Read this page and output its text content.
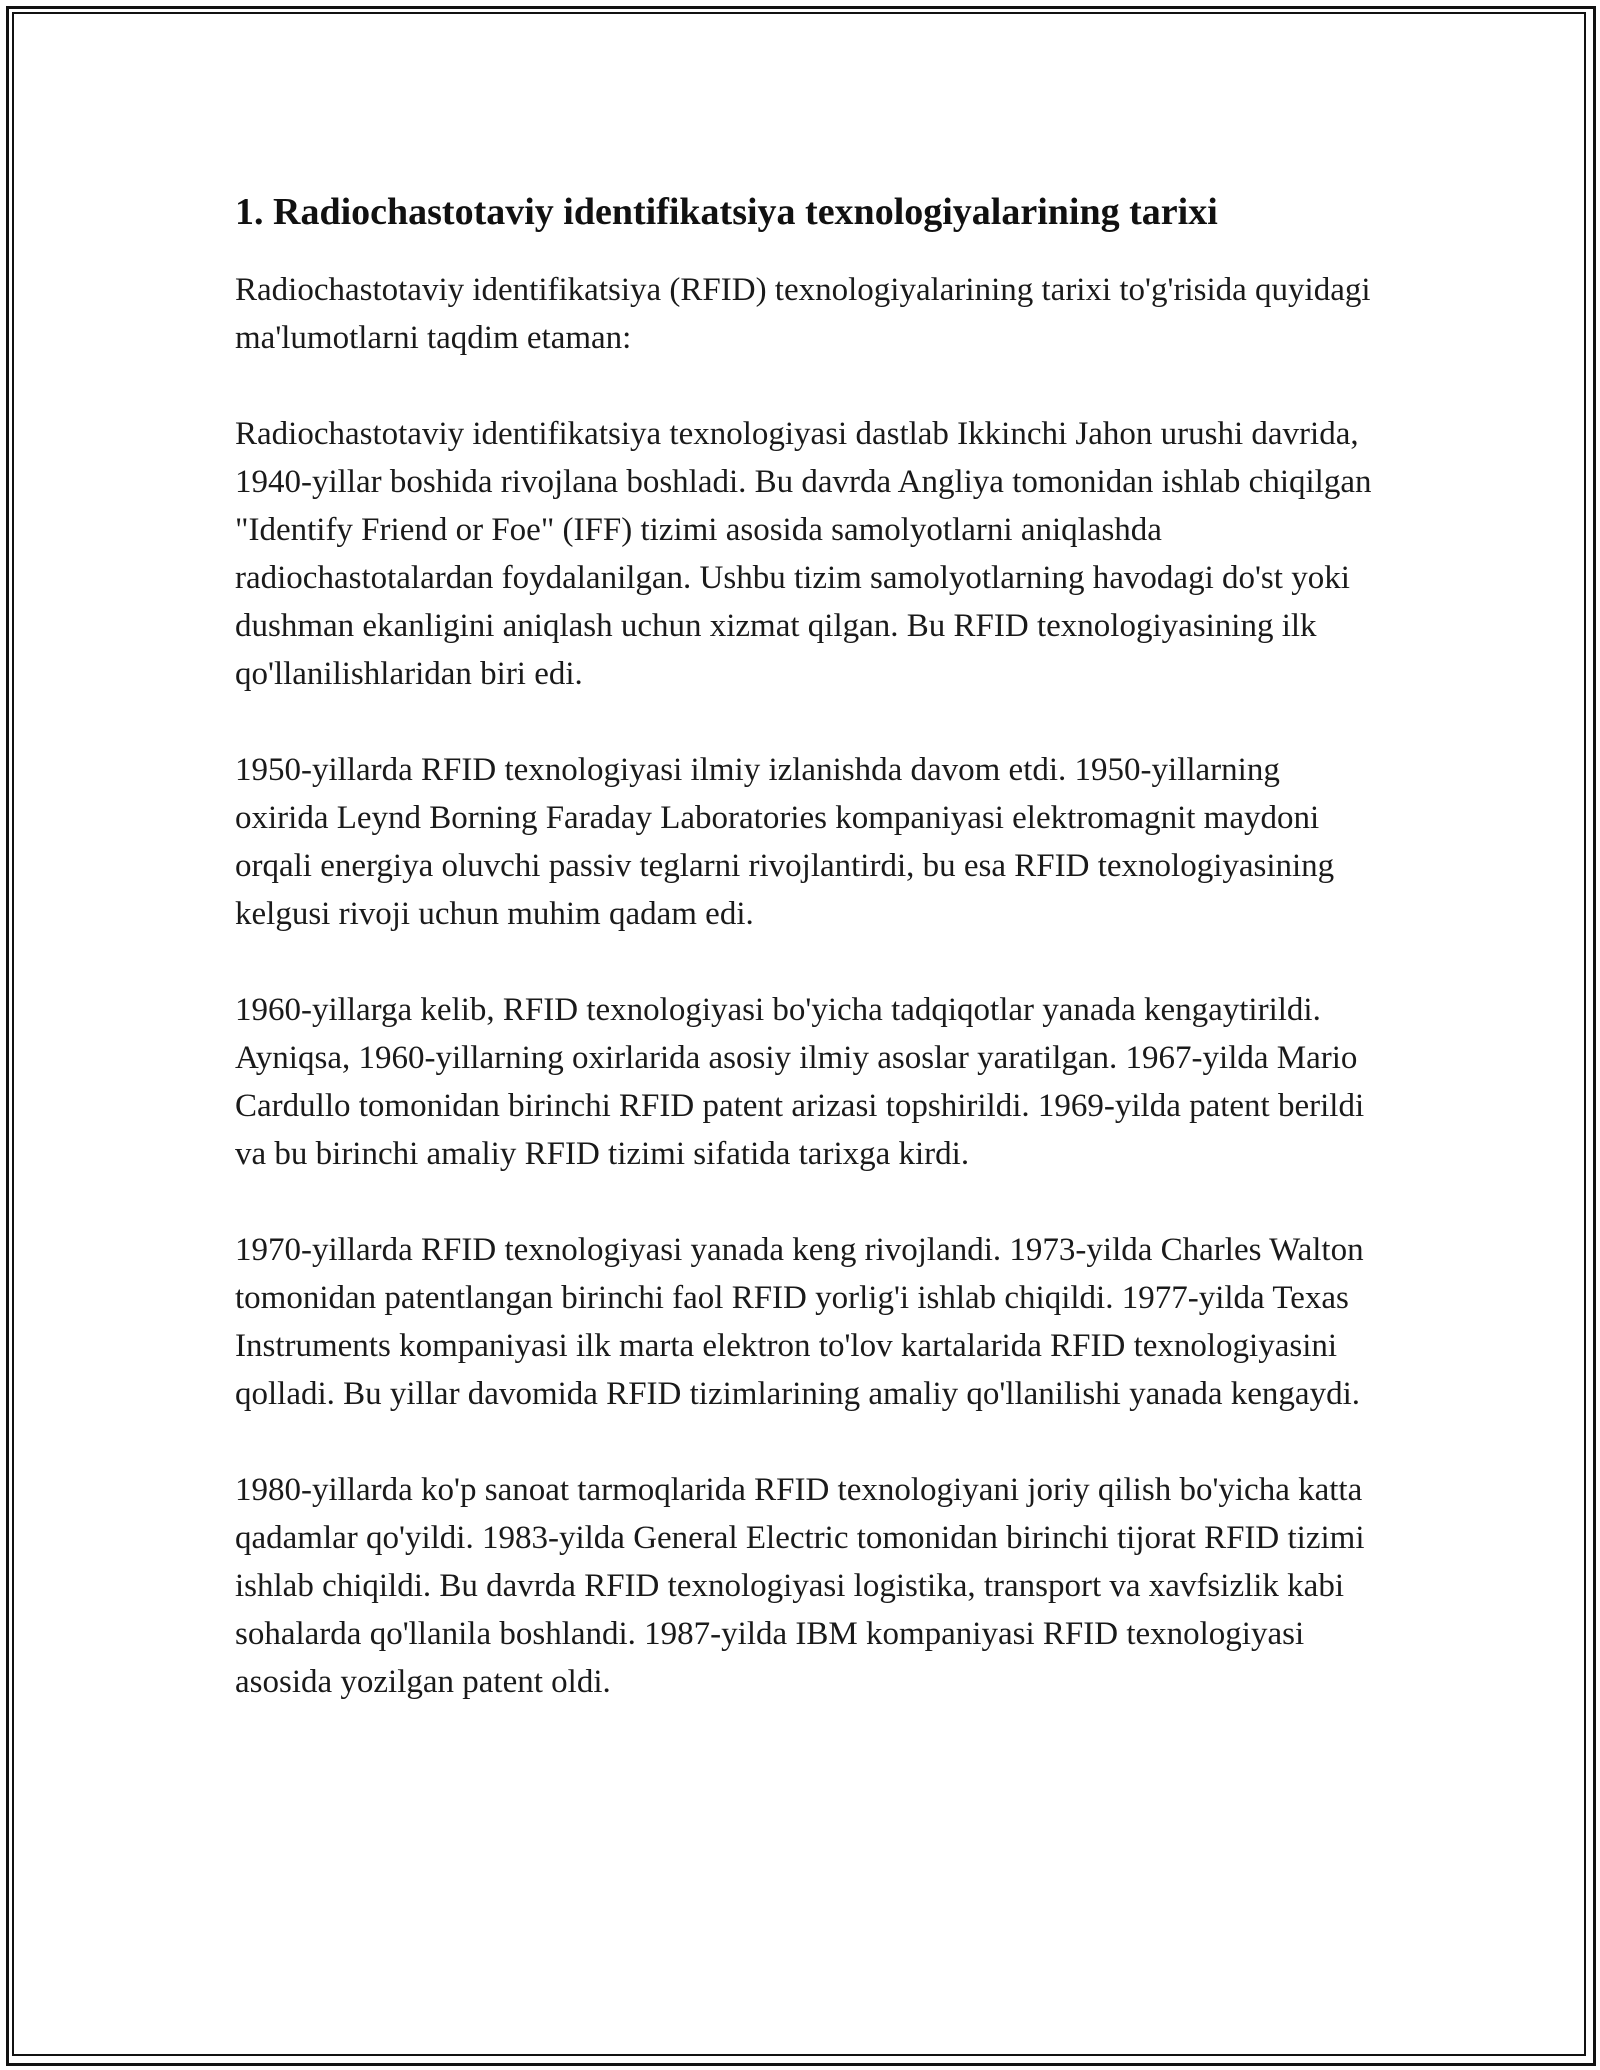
1. Radiochastotaviy identifikatsiya texnologiyalarining tarixi

Radiochastotaviy identifikatsiya (RFID) texnologiyalarining tarixi to'g'risida quyidagi ma'lumotlarni taqdim etaman:

Radiochastotaviy identifikatsiya texnologiyasi dastlab Ikkinchi Jahon urushi davrida, 1940-yillar boshida rivojlana boshladi. Bu davrda Angliya tomonidan ishlab chiqilgan "Identify Friend or Foe" (IFF) tizimi asosida samolyotlarni aniqlashda radiochastotalardan foydalanilgan. Ushbu tizim samolyotlarning havodagi do'st yoki dushman ekanligini aniqlash uchun xizmat qilgan. Bu RFID texnologiyasining ilk qo'llanilishlaridan biri edi.

1950-yillarda RFID texnologiyasi ilmiy izlanishda davom etdi. 1950-yillarning oxirida Leynd Borning Faraday Laboratories kompaniyasi elektromagnit maydoni orqali energiya oluvchi passiv teglarni rivojlantirdi, bu esa RFID texnologiyasining kelgusi rivoji uchun muhim qadam edi.

1960-yillarga kelib, RFID texnologiyasi bo'yicha tadqiqotlar yanada kengaytirildi. Ayniqsa, 1960-yillarning oxirlarida asosiy ilmiy asoslar yaratilgan. 1967-yilda Mario Cardullo tomonidan birinchi RFID patent arizasi topshirildi. 1969-yilda patent berildi va bu birinchi amaliy RFID tizimi sifatida tarixga kirdi.

1970-yillarda RFID texnologiyasi yanada keng rivojlandi. 1973-yilda Charles Walton tomonidan patentlangan birinchi faol RFID yorlig'i ishlab chiqildi. 1977-yilda Texas Instruments kompaniyasi ilk marta elektron to'lov kartalarida RFID texnologiyasini qolladi. Bu yillar davomida RFID tizimlarining amaliy qo'llanilishi yanada kengaydi.

1980-yillarda ko'p sanoat tarmoqlarida RFID texnologiyani joriy qilish bo'yicha katta qadamlar qo'yildi. 1983-yilda General Electric tomonidan birinchi tijorat RFID tizimi ishlab chiqildi. Bu davrda RFID texnologiyasi logistika, transport va xavfsizlik kabi sohalarda qo'llanila boshlandi. 1987-yilda IBM kompaniyasi RFID texnologiyasi asosida yozilgan patent oldi.
